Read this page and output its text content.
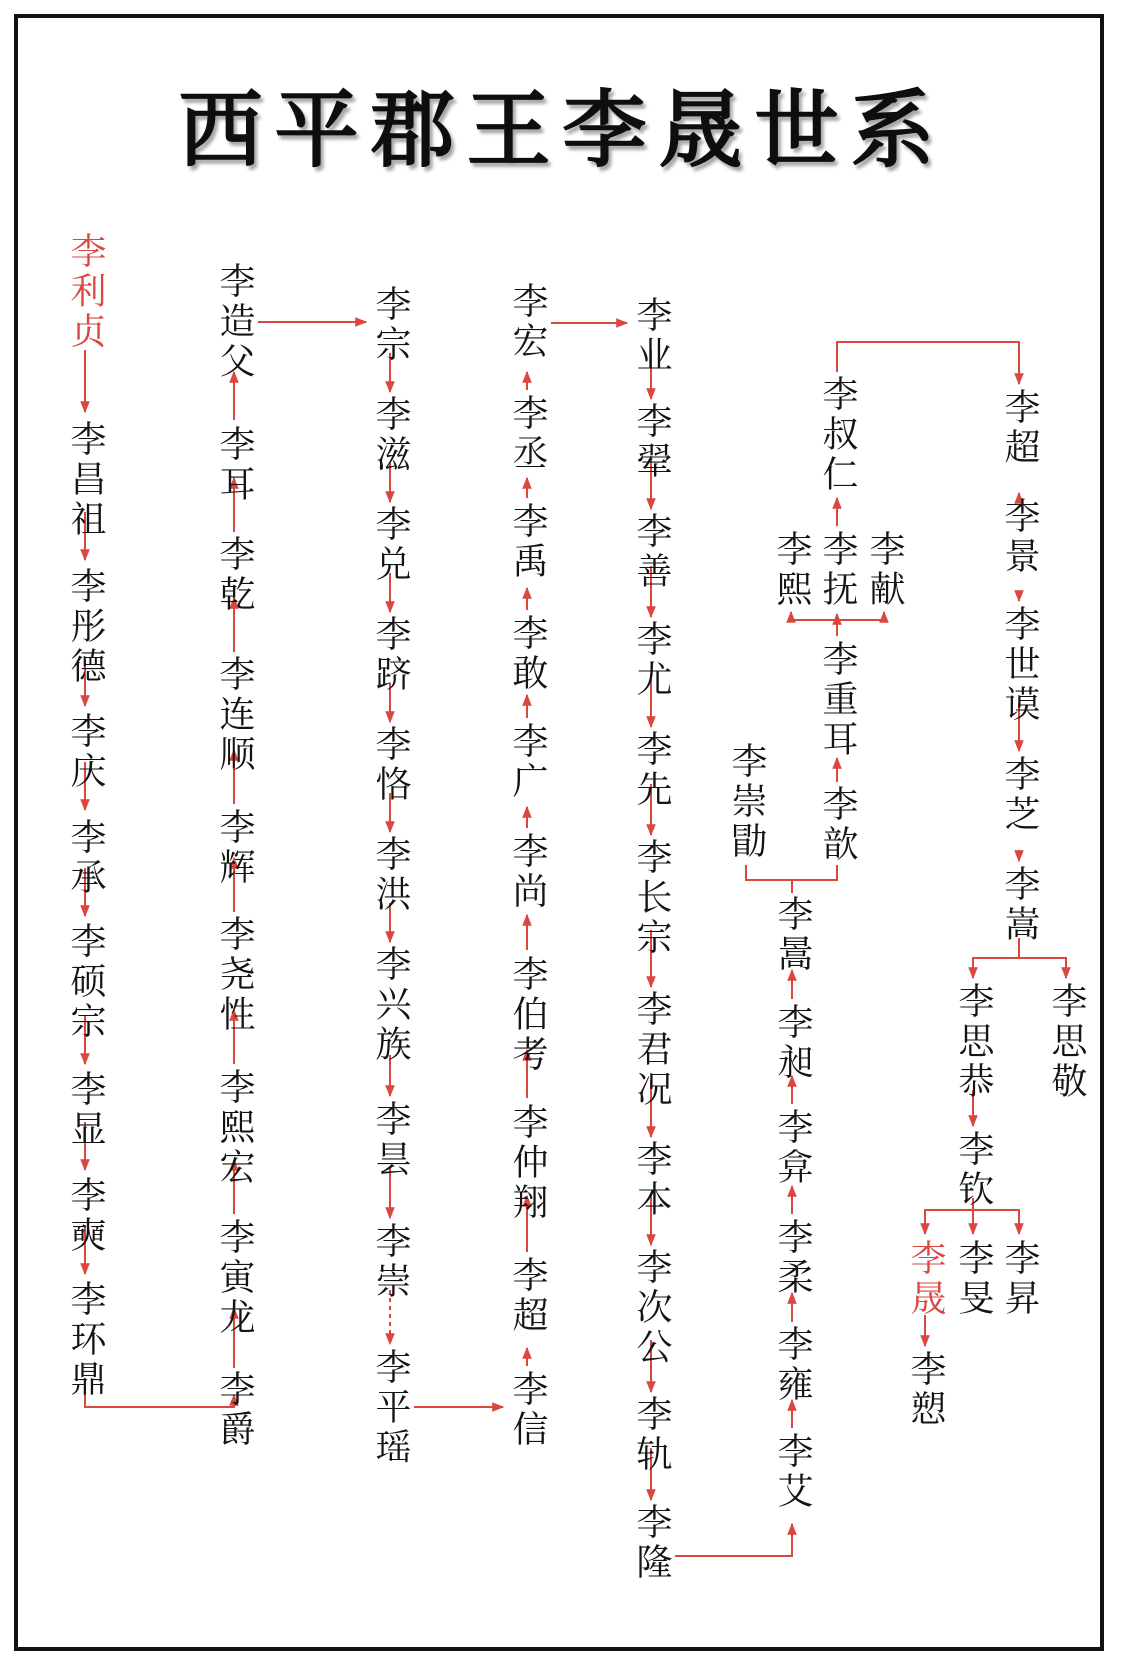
西平郡王李晟世系
李利贞
李昌祖
李彤德
李庆
李承
李硕宗
李显
李奭
李环鼎
李造父
李耳
李乾
李连顺
李辉
李尧性
李熙宏
李寅龙
李爵
李宗
李滋
李兑
李跻
李恪
李洪
李兴族
李昙
李崇
李平瑶
李宏
李丞
李禹
李敢
李广
李尚
李伯考
李仲翔
李超
李信
李业
李翚
李善
李尤
李先
李长宗
李君况
李本
李次公
李轨
李隆
李崇勖
李暠
李歆
李昶
李弇
李柔
李雍
李艾
李叔仁
李熙 李抚 李献
李重耳
李超
李景
李世谟
李芝
李嵩
李思恭 李思敬
李钦
李晟 李旻 李昇
李愬
